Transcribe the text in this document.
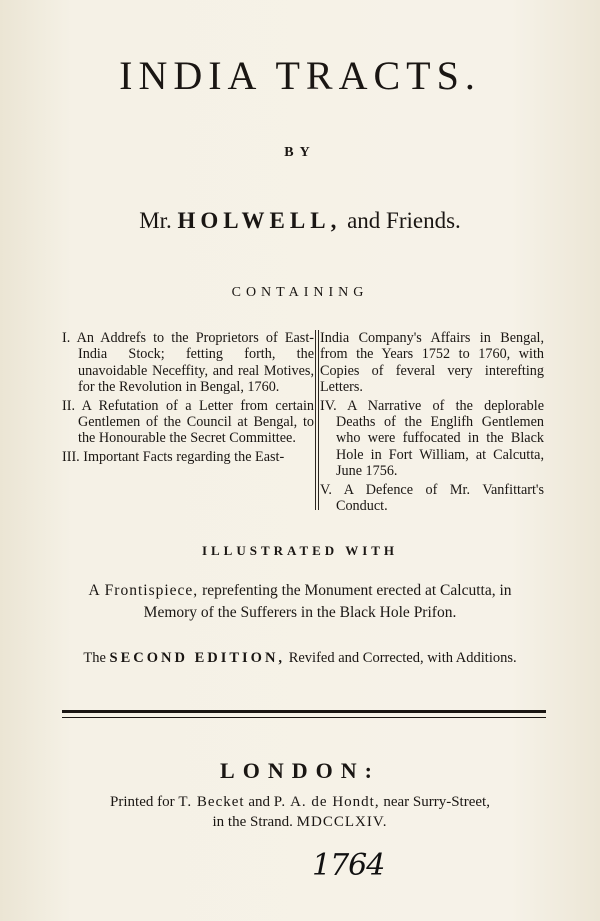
INDIA TRACTS.
BY
Mr. HOLWELL, and Friends.
CONTAINING
I. An Addrefs to the Proprietors of East-India Stock; fetting forth, the unavoidable Neceffity, and real Motives, for the Revolution in Bengal, 1760.
II. A Refutation of a Letter from certain Gentlemen of the Council at Bengal, to the Honourable the Secret Committee.
III. Important Facts regarding the East-
India Company's Affairs in Bengal, from the Years 1752 to 1760, with Copies of feveral very interefting Letters.
IV. A Narrative of the deplorable Deaths of the Englifh Gentlemen who were fuffocated in the Black Hole in Fort William, at Calcutta, June 1756.
V. A Defence of Mr. Vanfittart's Conduct.
ILLUSTRATED WITH
A Frontispiece, reprefenting the Monument erected at Calcutta, in
Memory of the Sufferers in the Black Hole Prifon.
The SECOND EDITION, Revifed and Corrected, with Additions.
LONDON:
Printed for T. Becket and P. A. de Hondt, near Surry-Street,
in the Strand. MDCCLXIV.
1764
